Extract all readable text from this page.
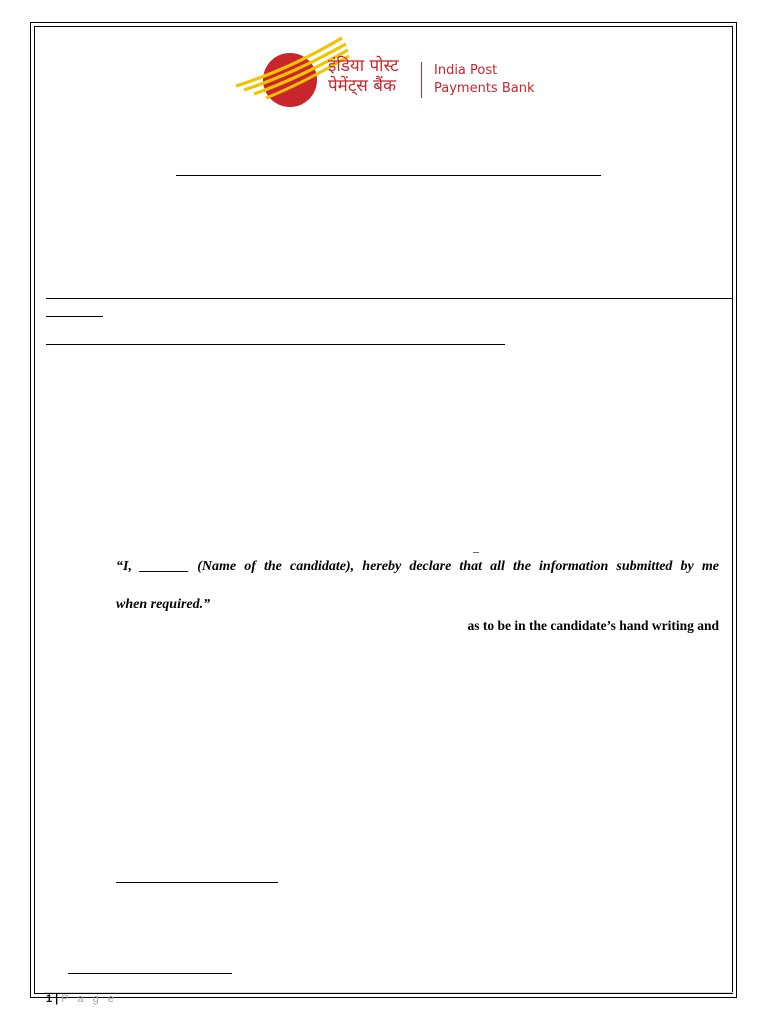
इंडिया पोस्ट
पेमेंट्स बैंक
India Post
Payments Bank
_
“I, _______ (Name of the candidate), hereby declare that all the information submitted by me
when required.”
as to be in the candidate’s hand writing and
1 | P a g e
